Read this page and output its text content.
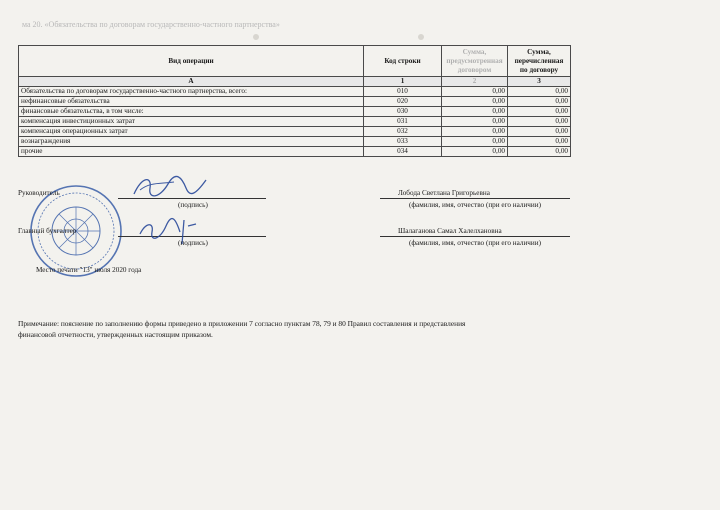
ма 20. «Обязательства по договорам государственно-частного партнерства»
Вид операции	Код строки	Сумма, предусмотренная договором	Сумма, перечисленная по договору
А	1	2	3
Обязательства по договорам государственно-частного партнерства, всего:	010	0,00	0,00
нефинансовые обязательства	020	0,00	0,00
финансовые обязательства, в том числе:	030	0,00	0,00
компенсация инвестиционных затрат	031	0,00	0,00
компенсация операционных затрат	032	0,00	0,00
вознаграждения	033	0,00	0,00
прочие	034	0,00	0,00
Руководитель
(подпись)
Лобода Светлана Григорьевна
(фамилия, имя, отчество (при его наличии)
Главный бухгалтер
(подпись)
Шалаганова Самал Халелхановна
(фамилия, имя, отчество (при его наличии)
Место печати "13" июля 2020 года
Примечание: пояснение по заполнению формы приведено в приложении 7 согласно пунктам 78, 79 и 80 Правил составления и представления
финансовой отчетности, утвержденных настоящим приказом.
